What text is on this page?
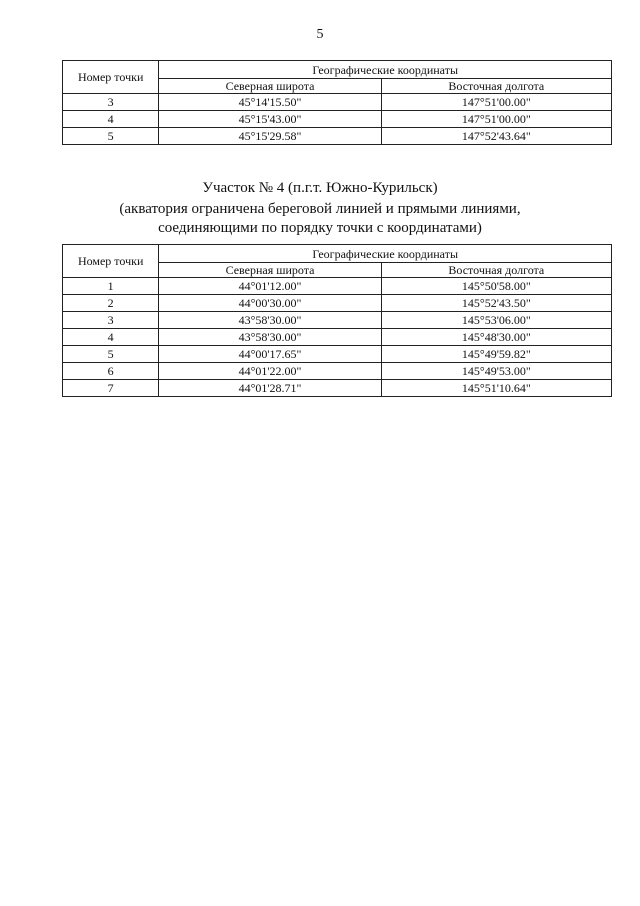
5
Номер точки	Географические координаты	
	Северная широта	Восточная долгота
3	45°14'15.50"	147°51'00.00"
4	45°15'43.00"	147°51'00.00"
5	45°15'29.58"	147°52'43.64"
Участок № 4 (п.г.т. Южно-Курильск)
(акватория ограничена береговой линией и прямыми линиями,
соединяющими по порядку точки с координатами)
Номер точки	Географические координаты	
	Северная широта	Восточная долгота
1	44°01'12.00"	145°50'58.00"
2	44°00'30.00"	145°52'43.50"
3	43°58'30.00"	145°53'06.00"
4	43°58'30.00"	145°48'30.00"
5	44°00'17.65"	145°49'59.82"
6	44°01'22.00"	145°49'53.00"
7	44°01'28.71"	145°51'10.64"
